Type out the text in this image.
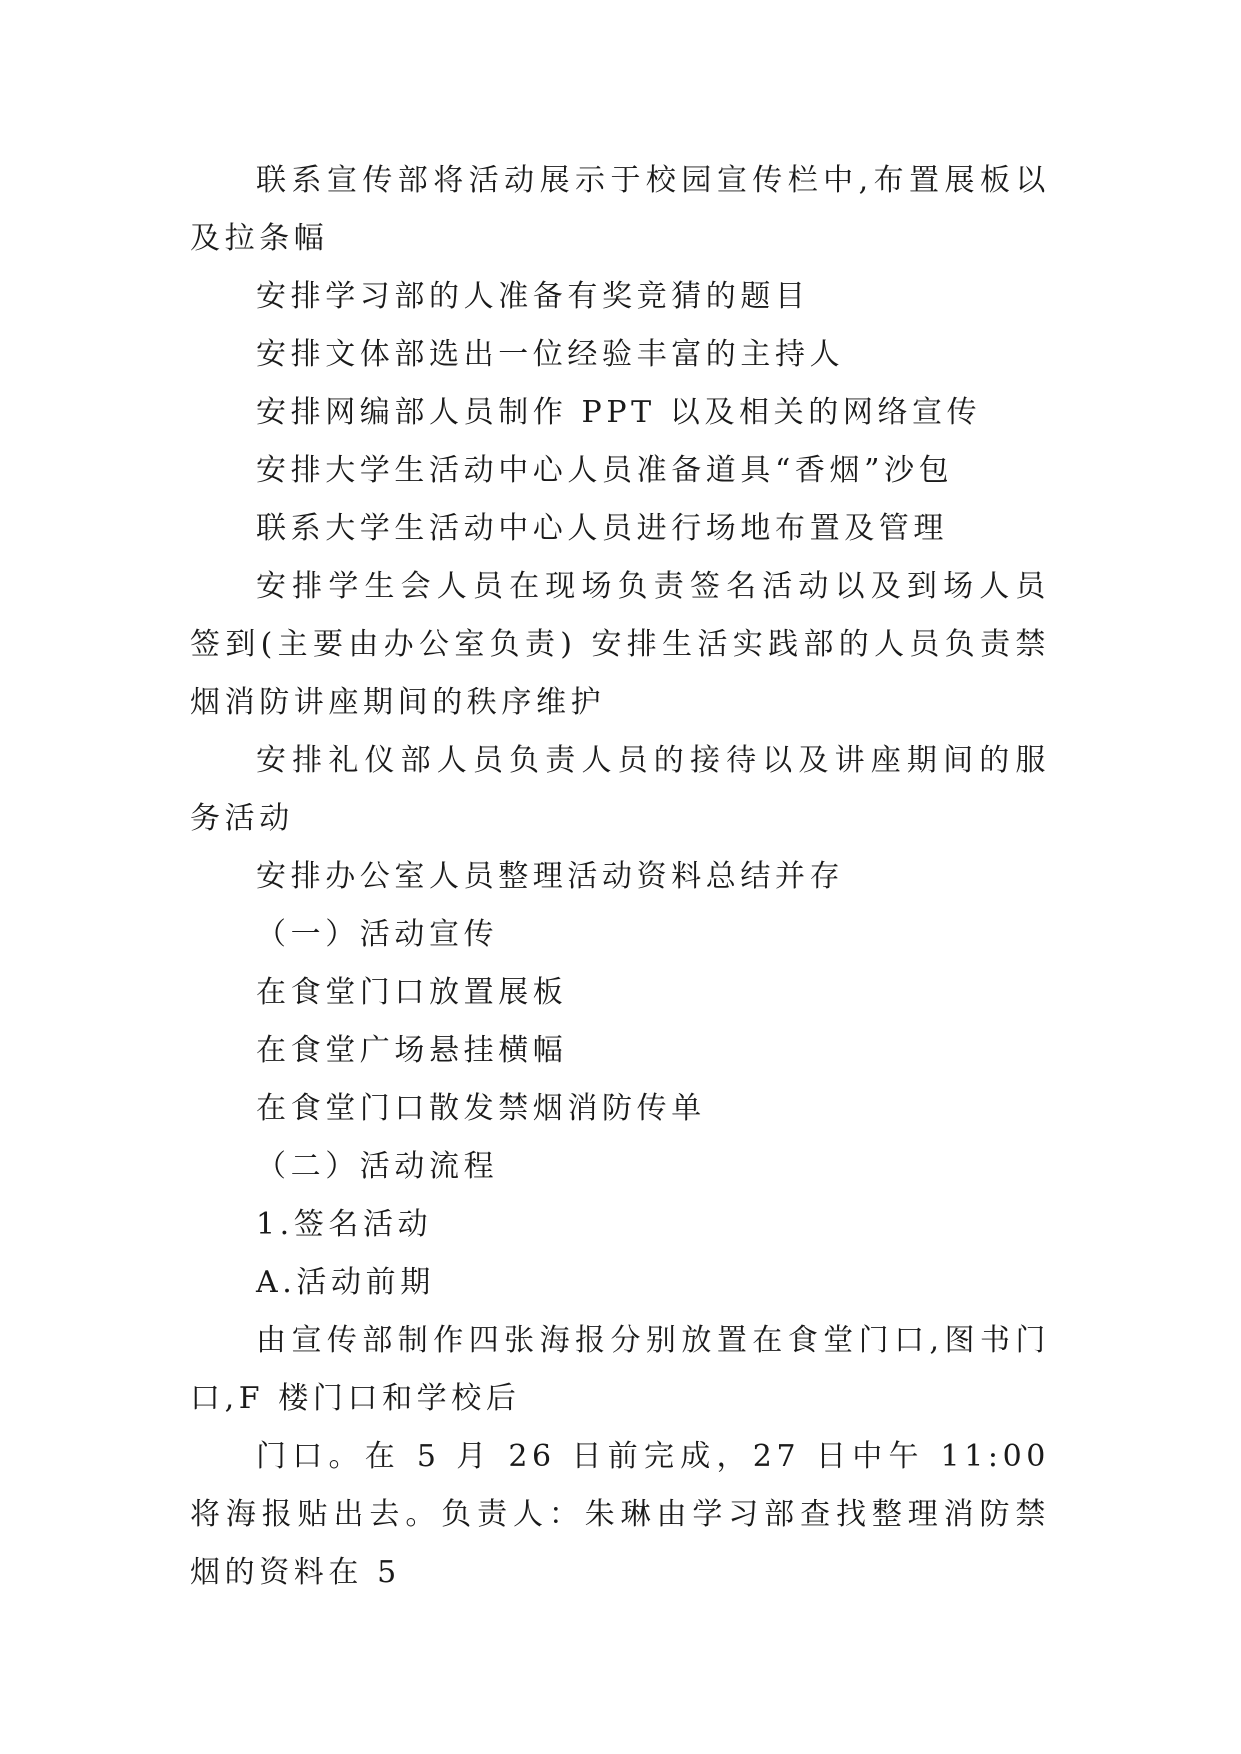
联系宣传部将活动展示于校园宣传栏中,布置展板以及拉条幅

安排学习部的人准备有奖竞猜的题目

安排文体部选出一位经验丰富的主持人

安排网编部人员制作 PPT 以及相关的网络宣传

安排大学生活动中心人员准备道具“香烟”沙包

联系大学生活动中心人员进行场地布置及管理

安排学生会人员在现场负责签名活动以及到场人员签到(主要由办公室负责) 安排生活实践部的人员负责禁烟消防讲座期间的秩序维护

安排礼仪部人员负责人员的接待以及讲座期间的服务活动

安排办公室人员整理活动资料总结并存

（一）活动宣传

在食堂门口放置展板

在食堂广场悬挂横幅

在食堂门口散发禁烟消防传单

（二）活动流程

1.签名活动

A.活动前期

由宣传部制作四张海报分别放置在食堂门口,图书门口,F 楼门口和学校后

门口。在 5 月 26 日前完成，27 日中午 11:00 将海报贴出去。负责人：朱琳由学习部查找整理消防禁烟的资料在 5
